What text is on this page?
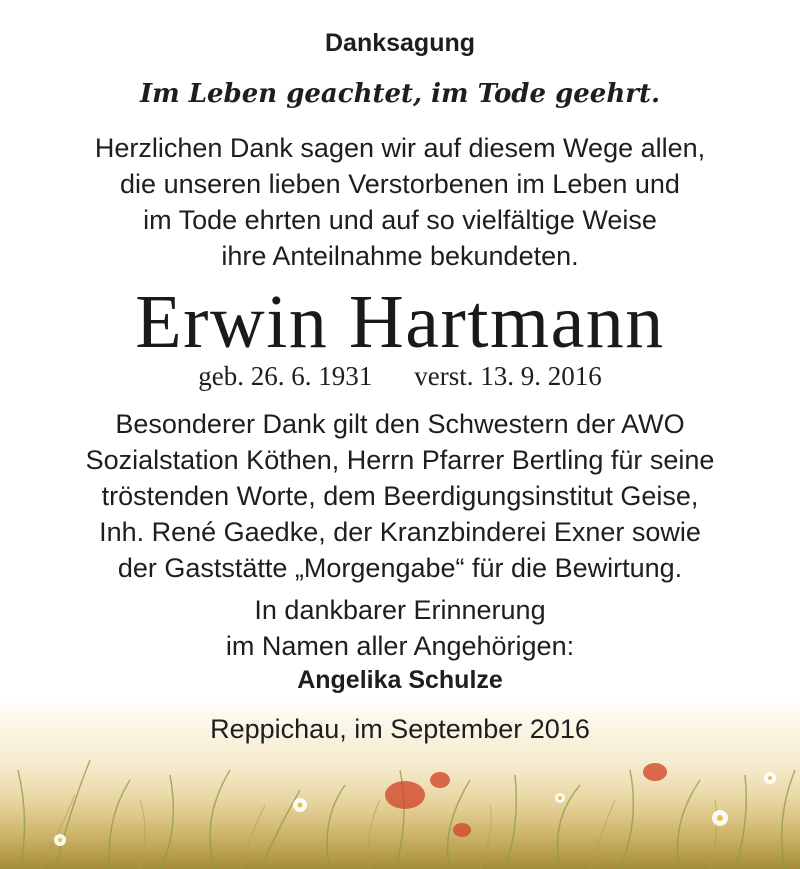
Danksagung
Im Leben geachtet, im Tode geehrt.
Herzlichen Dank sagen wir auf diesem Wege allen,
die unseren lieben Verstorbenen im Leben und
im Tode ehrten und auf so vielfältige Weise
ihre Anteilnahme bekundeten.
Erwin Hartmann
geb. 26. 6. 1931 verst. 13. 9. 2016
Besonderer Dank gilt den Schwestern der AWO
Sozialstation Köthen, Herrn Pfarrer Bertling für seine
tröstenden Worte, dem Beerdigungsinstitut Geise,
Inh. René Gaedke, der Kranzbinderei Exner sowie
der Gaststätte „Morgengabe“ für die Bewirtung.
In dankbarer Erinnerung
im Namen aller Angehörigen:
Angelika Schulze
Reppichau, im September 2016
